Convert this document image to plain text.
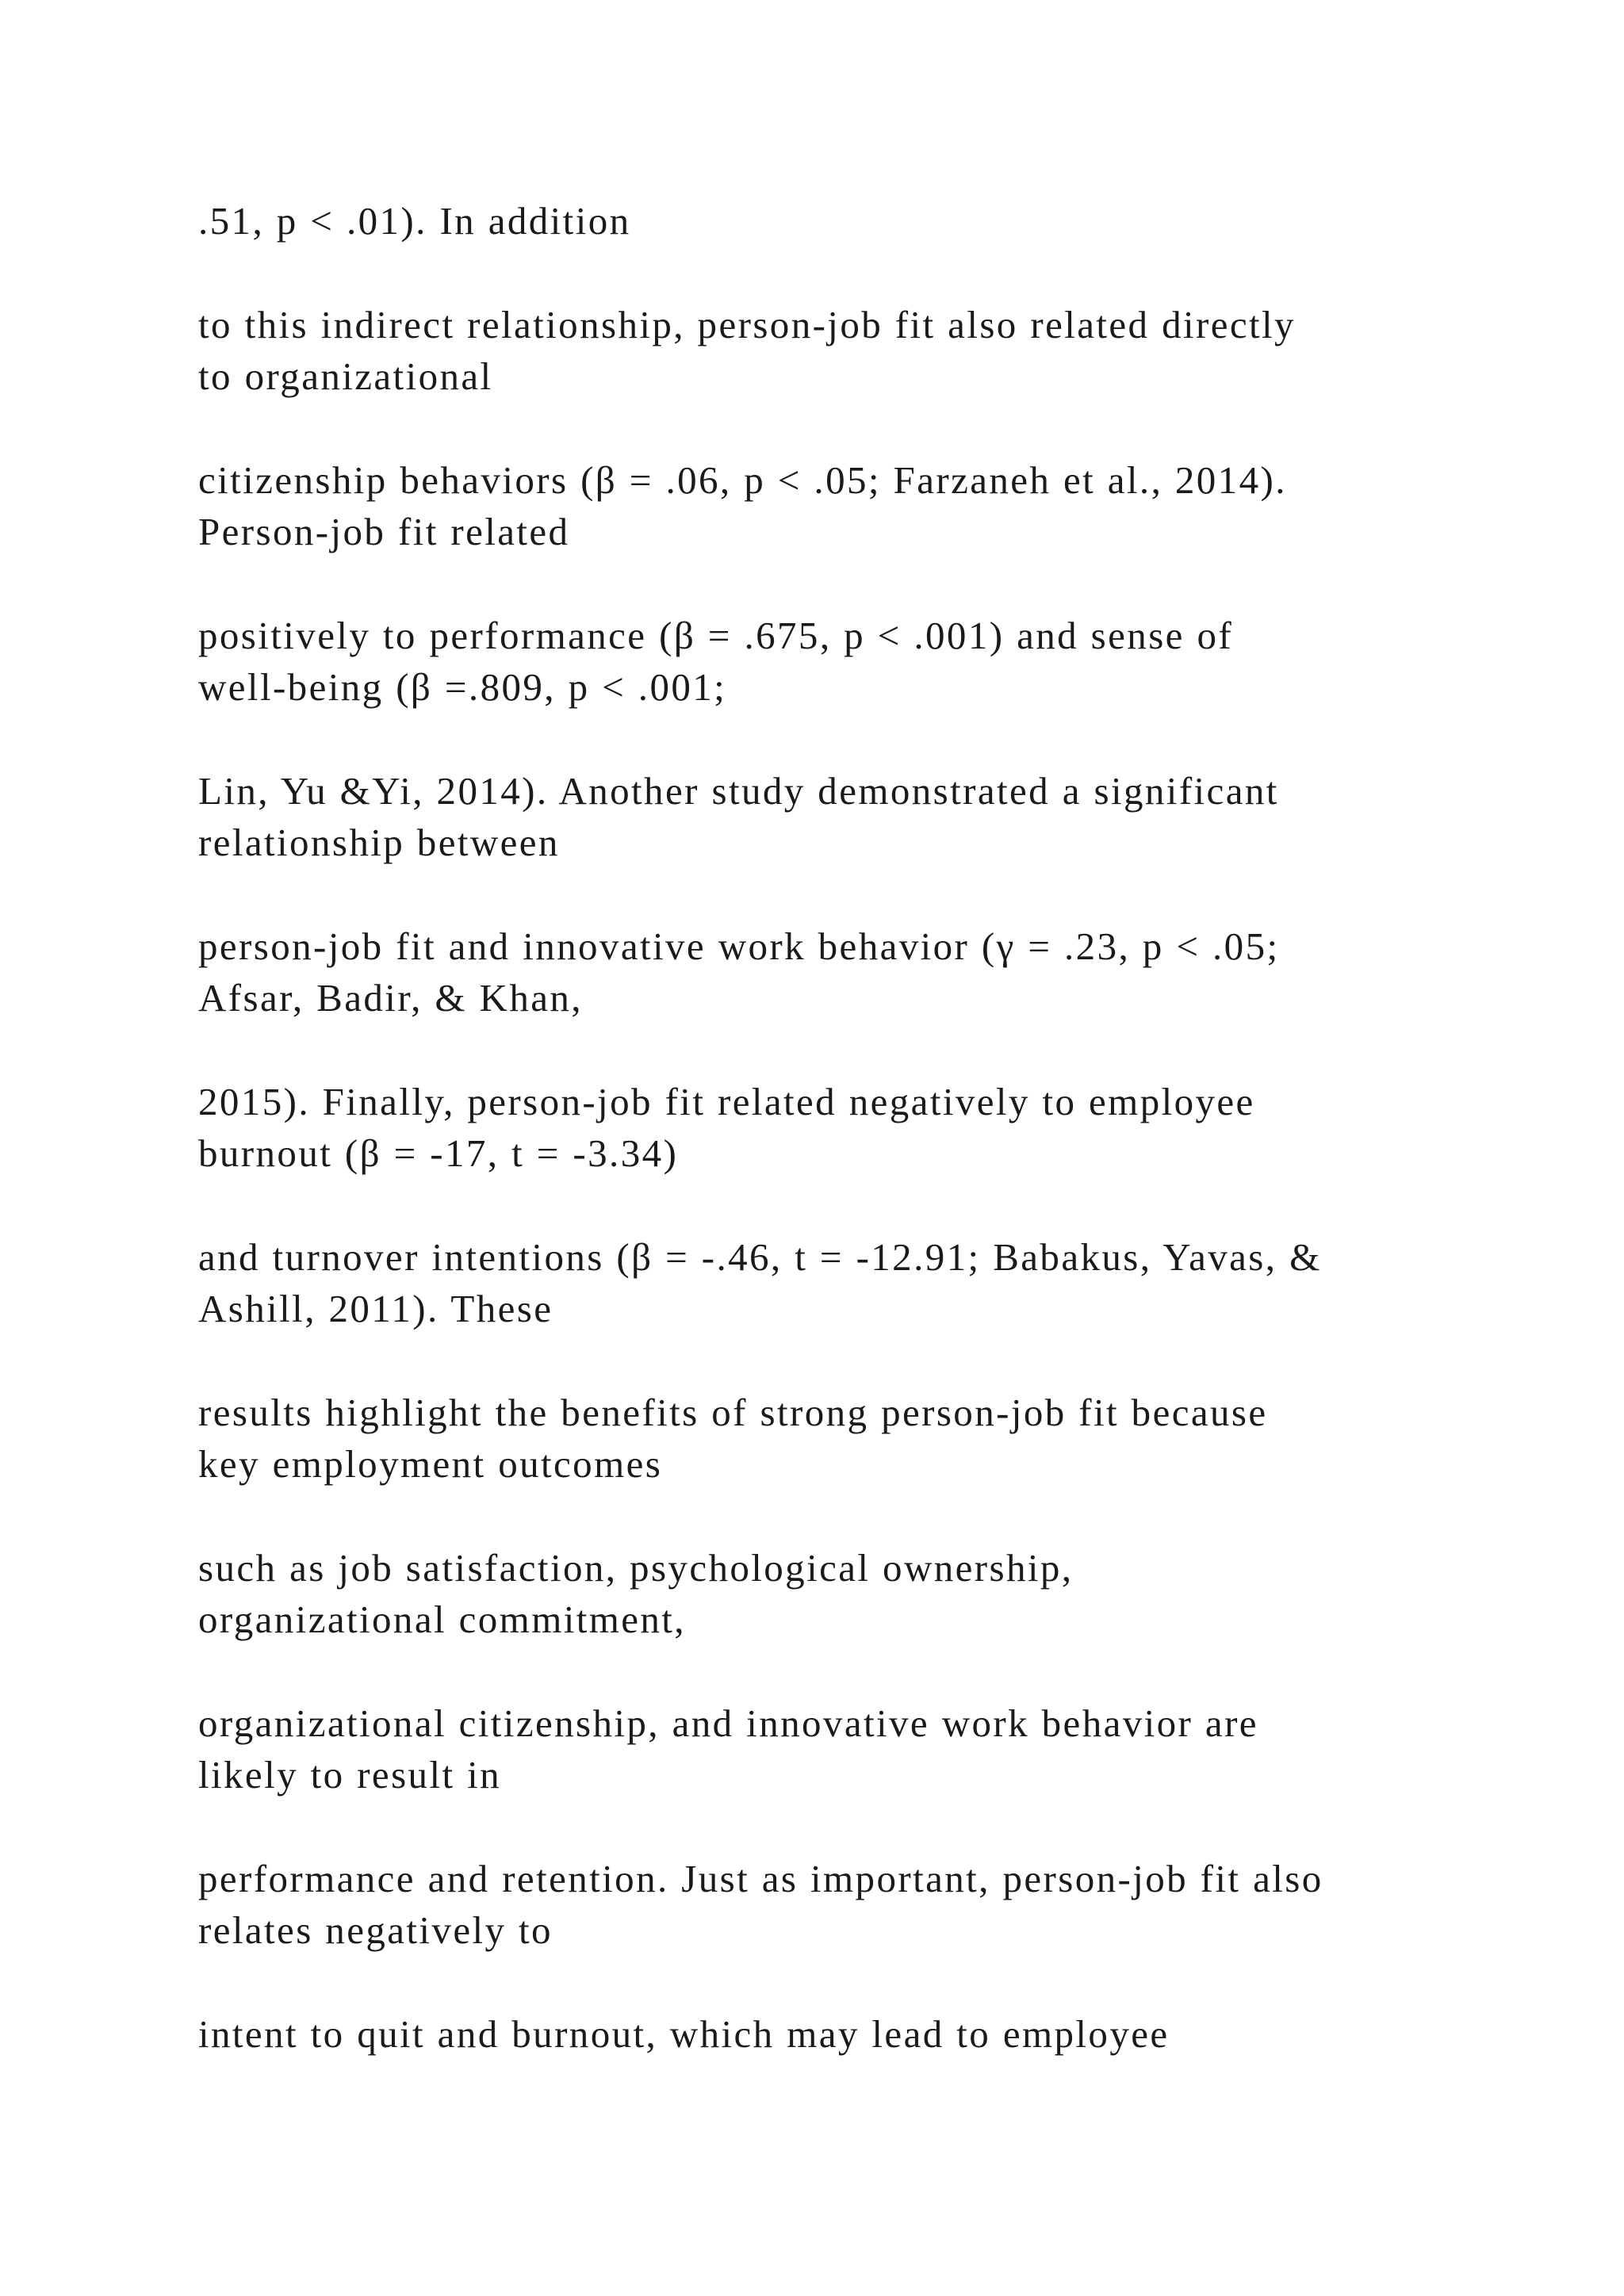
.51, p < .01). In addition

to this indirect relationship, person-job fit also related directly
to organizational

citizenship behaviors (β = .06, p < .05; Farzaneh et al., 2014).
Person-job fit related

positively to performance (β = .675, p < .001) and sense of
well-being (β =.809, p < .001;

Lin, Yu &Yi, 2014). Another study demonstrated a significant
relationship between

person-job fit and innovative work behavior (γ = .23, p < .05;
Afsar, Badir, & Khan,

2015). Finally, person-job fit related negatively to employee
burnout (β = -17, t = -3.34)

and turnover intentions (β = -.46, t = -12.91; Babakus, Yavas, &
Ashill, 2011). These

results highlight the benefits of strong person-job fit because
key employment outcomes

such as job satisfaction, psychological ownership,
organizational commitment,

organizational citizenship, and innovative work behavior are
likely to result in

performance and retention. Just as important, person-job fit also
relates negatively to

intent to quit and burnout, which may lead to employee
